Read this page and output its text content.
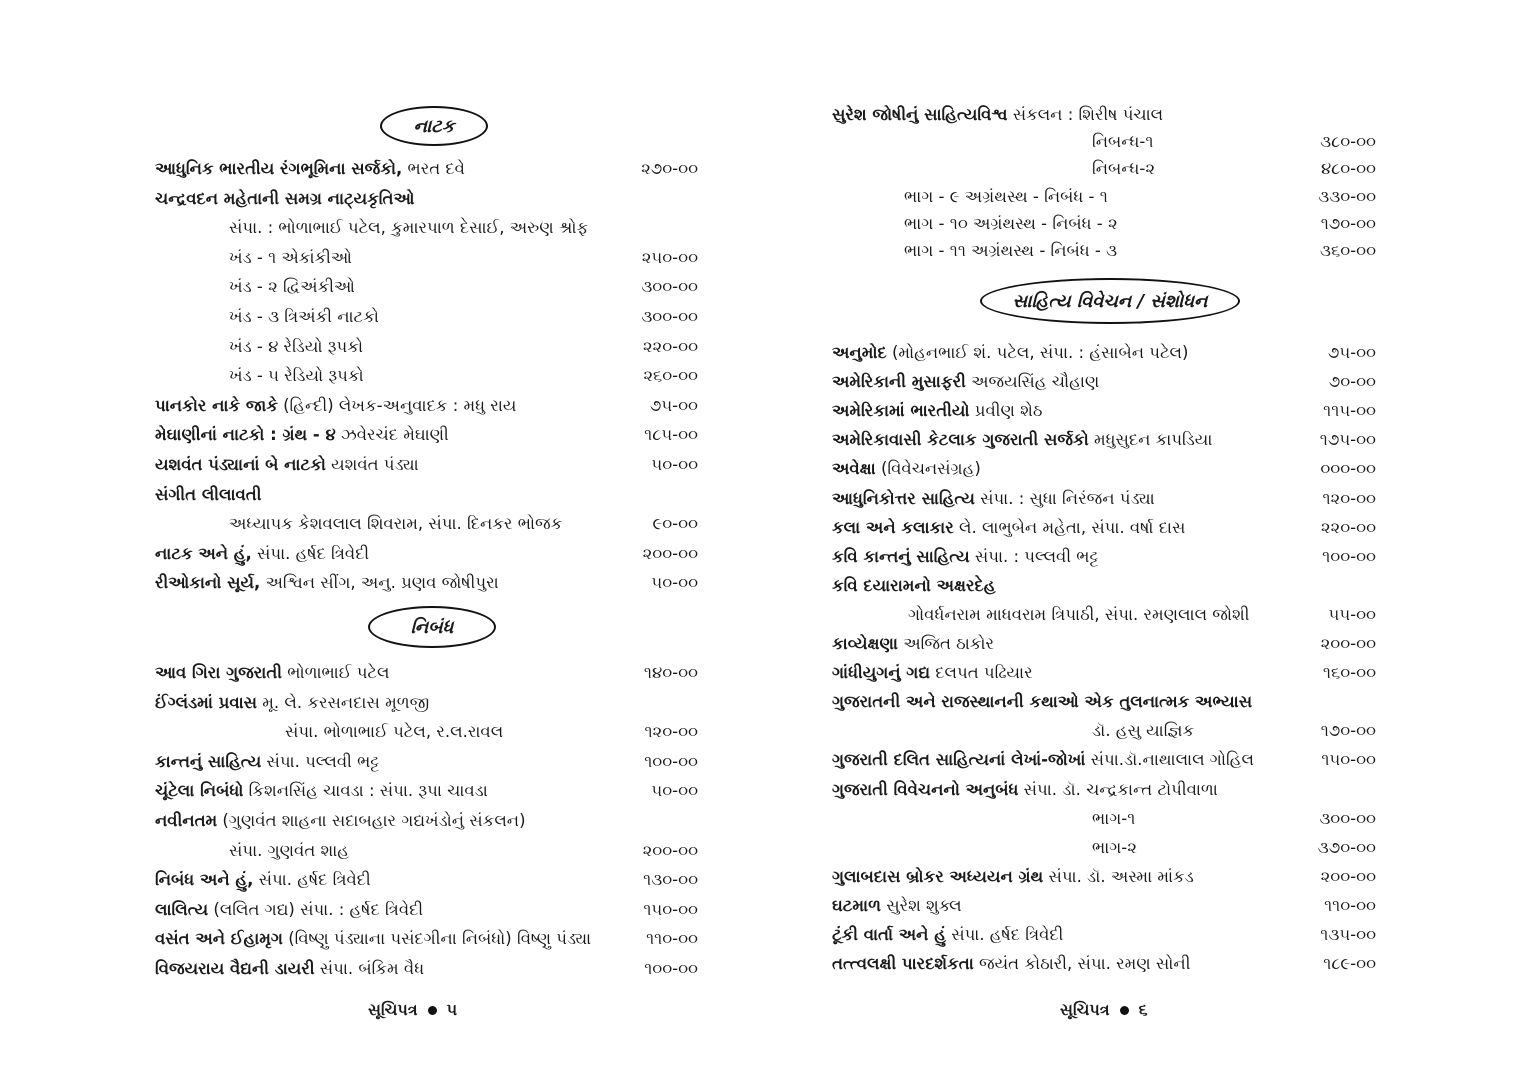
નાટક
આધુનિક ભારતીય રંગભૂમિના સર્જકો, ભરત દવે	૨૭૦-૦૦
ચન્દ્રવદન મહેતાની સમગ્ર નાટ્યકૃતિઓ
સંપા. : ભોળાભાઈ પટેલ, કુમારપાળ દેસાઈ, અરુણ શ્રોફ
ખંડ - ૧ એકાંકીઓ	૨૫૦-૦૦
ખંડ - ૨ દ્વિઅંકીઓ	૩૦૦-૦૦
ખંડ - ૩ ત્રિઅંકી નાટકો	૩૦૦-૦૦
ખંડ - ૪ રેડિયો રૂપકો	૨૨૦-૦૦
ખંડ - ૫ રેડિયો રૂપકો	૨૬૦-૦૦
પાનકોર નાકે જાકે (હિન્દી) લેખક-અનુવાદક : મધુ રાય	૭૫-૦૦
મેઘાણીનાં નાટકો : ગ્રંથ - ૪ ઝવેરચંદ મેઘાણી	૧૮૫-૦૦
યશવંત પંડ્યાનાં બે નાટકો યશવંત પંડ્યા	૫૦-૦૦
સંગીત લીલાવતી
અધ્યાપક કેશવલાલ શિવરામ, સંપા. દિનકર ભોજક	૯૦-૦૦
નાટક અને હું, સંપા. હર્ષદ ત્રિવેદી	૨૦૦-૦૦
રીઓકાનો સૂર્ય, અશ્વિન સીંગ, અનુ. પ્રણવ જોષીપુરા	૫૦-૦૦
નિબંધ
આવ ગિરા ગુજરાતી ભોળાભાઈ પટેલ	૧૪૦-૦૦
ઈંગ્લંડમાં પ્રવાસ મૂ. લે. કરસનદાસ મૂળજી
સંપા. ભોળાભાઈ પટેલ, ર.લ.રાવલ	૧૨૦-૦૦
કાન્તનું સાહિત્ય સંપા. પલ્લવી ભટ્ટ	૧૦૦-૦૦
ચૂંટેલા નિબંધો કિશનસિંહ ચાવડા : સંપા. રૂપા ચાવડા	૫૦-૦૦
નવીનતમ (ગુણવંત શાહના સદાબહાર ગદ્યખંડોનું સંકલન)
સંપા. ગુણવંત શાહ	૨૦૦-૦૦
નિબંધ અને હું, સંપા. હર્ષદ ત્રિવેદી	૧૩૦-૦૦
લાલિત્ય (લલિત ગદ્ય) સંપા. : હર્ષદ ત્રિવેદી	૧૫૦-૦૦
વસંત અને ઈહામૃગ (વિષ્ણુ પંડ્યાના પસંદગીના નિબંધો) વિષ્ણુ પંડ્યા	૧૧૦-૦૦
વિજયરાય વૈદ્યની ડાયરી સંપા. બંકિમ વૈધ	૧૦૦-૦૦
સૂચિપત્ર ૫
સુરેશ જોષીનું સાહિત્યવિશ્વ સંકલન : શિરીષ પંચાલ
નિબન્ધ-૧	૩૮૦-૦૦
નિબન્ધ-૨	૪૮૦-૦૦
ભાગ - ૯ અગ્રંથસ્થ - નિબંધ - ૧	૩૩૦-૦૦
ભાગ - ૧૦ અગ્રંથસ્થ - નિબંધ - ૨	૧૭૦-૦૦
ભાગ - ૧૧ અગ્રંથસ્થ - નિબંધ - ૩	૩૬૦-૦૦
સાહિત્ય વિવેચન / સંશોધન
અનુમોદ (મોહનભાઈ શં. પટેલ, સંપા. : હંસાબેન પટેલ)	૭૫-૦૦
અમેરિકાની મુસાફરી અજયસિંહ ચૌહાણ	૭૦-૦૦
અમેરિકામાં ભારતીયો પ્રવીણ શેઠ	૧૧૫-૦૦
અમેરિકાવાસી કેટલાક ગુજરાતી સર્જકો મધુસુદન કાપડિયા	૧૭૫-૦૦
અવેક્ષા (વિવેચનસંગ્રહ)	૦૦૦-૦૦
આધુનિકોત્તર સાહિત્ય સંપા. : સુધા નિરંજન પંડ્યા	૧૨૦-૦૦
કલા અને કલાકાર લે. લાભુબેન મહેતા, સંપા. વર્ષા દાસ	૨૨૦-૦૦
કવિ કાન્તનું સાહિત્ય સંપા. : પલ્લવી ભટ્ટ	૧૦૦-૦૦
કવિ દયારામનો અક્ષરદેહ
ગોવર્ધનરામ માધવરામ ત્રિપાઠી, સંપા. રમણલાલ જોશી	૫૫-૦૦
કાવ્યેક્ષણા અજિત ઠાકોર	૨૦૦-૦૦
ગાંધીયુગનું ગદ્ય દલપત પઢિયાર	૧૬૦-૦૦
ગુજરાતની અને રાજસ્થાનની કથાઓ એક તુલનાત્મક અભ્યાસ
ડૉ. હસુ યાજ્ઞિક	૧૭૦-૦૦
ગુજરાતી દલિત સાહિત્યનાં લેખાં-જોખાં સંપા.ડૉ.નાથાલાલ ગોહિલ	૧૫૦-૦૦
ગુજરાતી વિવેચનનો અનુબંધ સંપા. ડૉ. ચન્દ્રકાન્ત ટોપીવાળા
ભાગ-૧	૩૦૦-૦૦
ભાગ-૨	૩૭૦-૦૦
ગુલાબદાસ બ્રોકર અધ્યયન ગ્રંથ સંપા. ડૉ. અસ્મા માંકડ	૨૦૦-૦૦
ઘટમાળ સુરેશ શુક્લ	૧૧૦-૦૦
ટૂંકી વાર્તા અને હું સંપા. હર્ષદ ત્રિવેદી	૧૩૫-૦૦
તત્ત્વલક્ષી પારદર્શકતા જયંત કોઠારી, સંપા. રમણ સોની	૧૮૯-૦૦
સૂચિપત્ર ૬
